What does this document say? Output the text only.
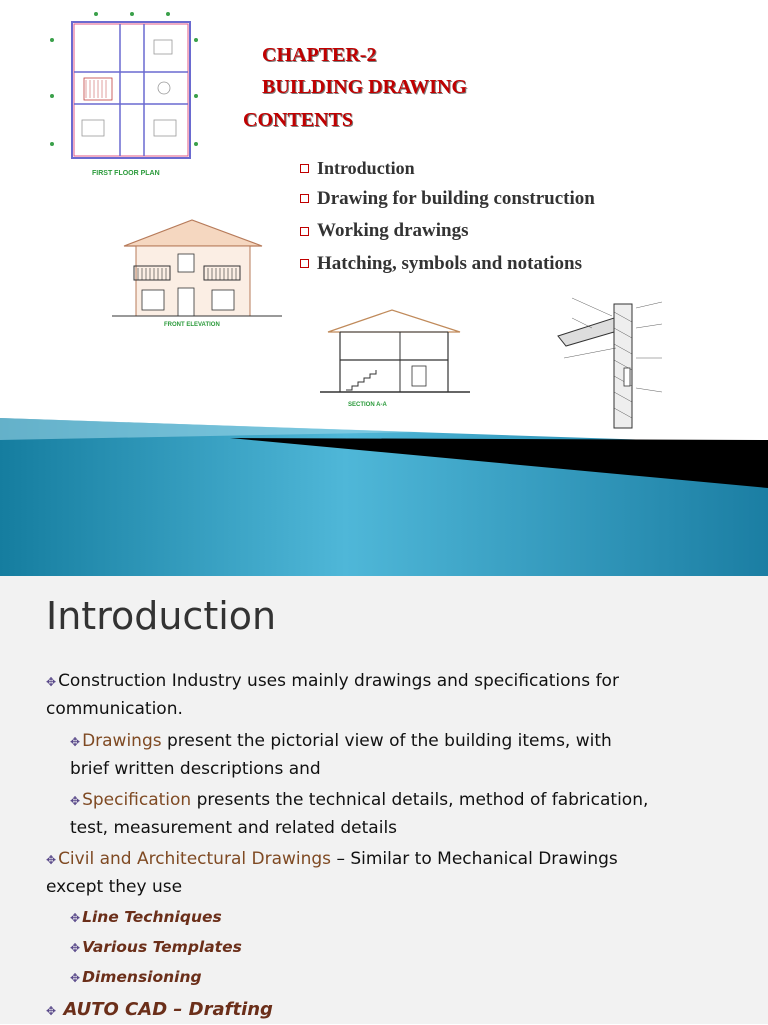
FIRST FLOOR PLAN
FRONT ELEVATION
SECTION A-A
CHAPTER-2
BUILDING DRAWING
CONTENTS
Introduction
Drawing for building construction
Working drawings
Hatching, symbols and notations
Introduction

✥ Construction Industry uses mainly drawings and specifications for
communication.

✥ Drawings present the pictorial view of the building items, with
brief written descriptions and

✥ Specification presents the technical details, method of fabrication,
test, measurement and related details

✥ Civil and Architectural Drawings – Similar to Mechanical Drawings
except they use

✥ Line Techniques

✥ Various Templates

✥ Dimensioning

✥ AUTO CAD – Drafting
